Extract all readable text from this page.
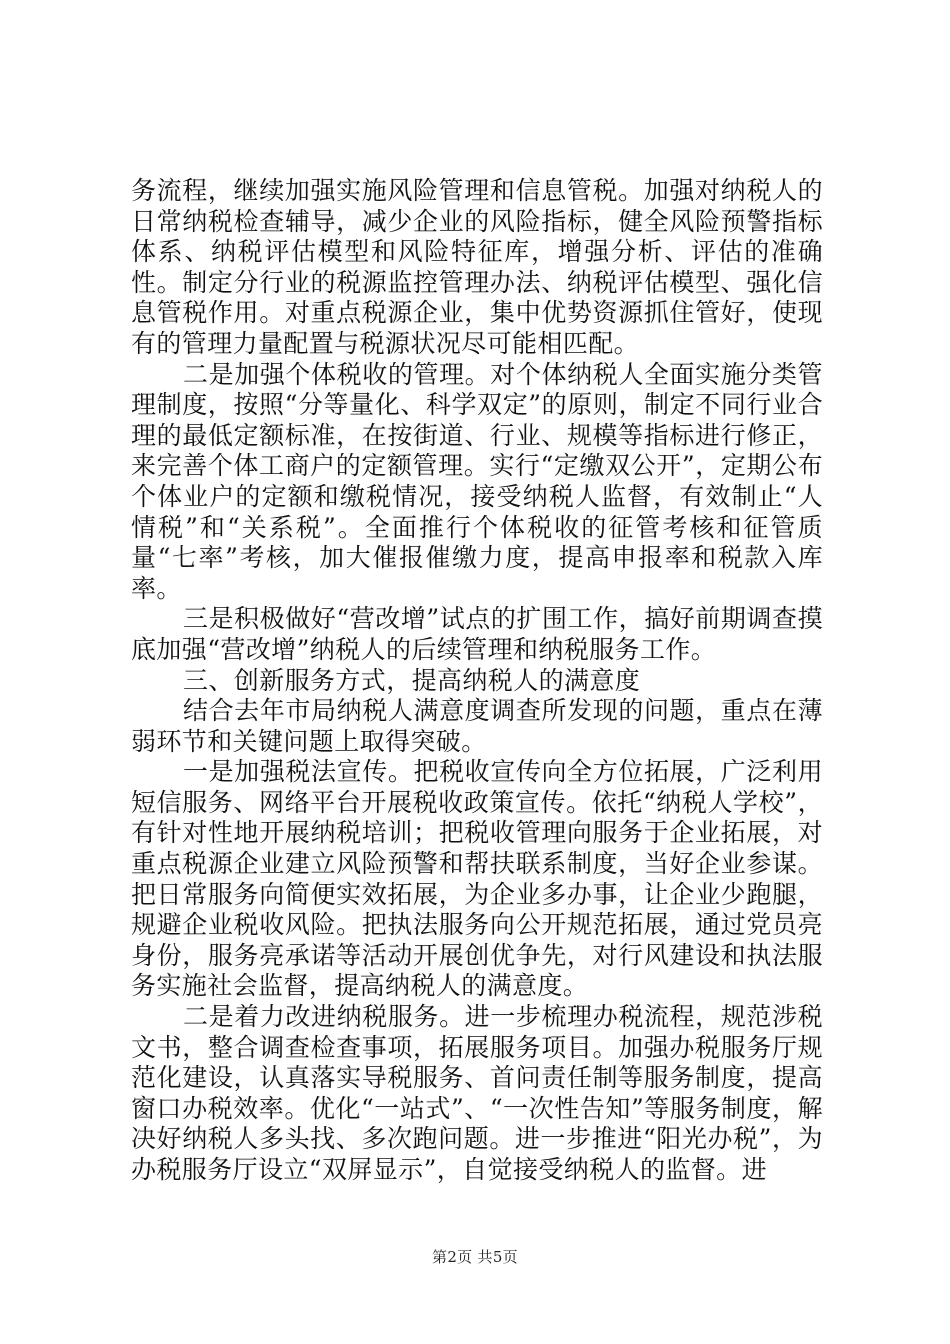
务流程，继续加强实施风险管理和信息管税。加强对纳税人的日常纳税检查辅导，减少企业的风险指标，健全风险预警指标体系、纳税评估模型和风险特征库，增强分析、评估的准确性。制定分行业的税源监控管理办法、纳税评估模型、强化信息管税作用。对重点税源企业，集中优势资源抓住管好，使现有的管理力量配置与税源状况尽可能相匹配。

二是加强个体税收的管理。对个体纳税人全面实施分类管理制度，按照“分等量化、科学双定”的原则，制定不同行业合理的最低定额标准，在按街道、行业、规模等指标进行修正，来完善个体工商户的定额管理。实行“定缴双公开”，定期公布个体业户的定额和缴税情况，接受纳税人监督，有效制止“人情税”和“关系税”。全面推行个体税收的征管考核和征管质量“七率”考核，加大催报催缴力度，提高申报率和税款入库率。

三是积极做好“营改增”试点的扩围工作，搞好前期调查摸底加强“营改增”纳税人的后续管理和纳税服务工作。

三、创新服务方式，提高纳税人的满意度

结合去年市局纳税人满意度调查所发现的问题，重点在薄弱环节和关键问题上取得突破。

一是加强税法宣传。把税收宣传向全方位拓展，广泛利用短信服务、网络平台开展税收政策宣传。依托“纳税人学校”，有针对性地开展纳税培训；把税收管理向服务于企业拓展，对重点税源企业建立风险预警和帮扶联系制度，当好企业参谋。把日常服务向简便实效拓展，为企业多办事，让企业少跑腿，规避企业税收风险。把执法服务向公开规范拓展，通过党员亮身份，服务亮承诺等活动开展创优争先，对行风建设和执法服务实施社会监督，提高纳税人的满意度。

二是着力改进纳税服务。进一步梳理办税流程，规范涉税文书，整合调查检查事项，拓展服务项目。加强办税服务厅规范化建设，认真落实导税服务、首问责任制等服务制度，提高窗口办税效率。优化“一站式”、“一次性告知”等服务制度，解决好纳税人多头找、多次跑问题。进一步推进“阳光办税”，为办税服务厅设立“双屏显示”，自觉接受纳税人的监督。进

第2页 共5页
